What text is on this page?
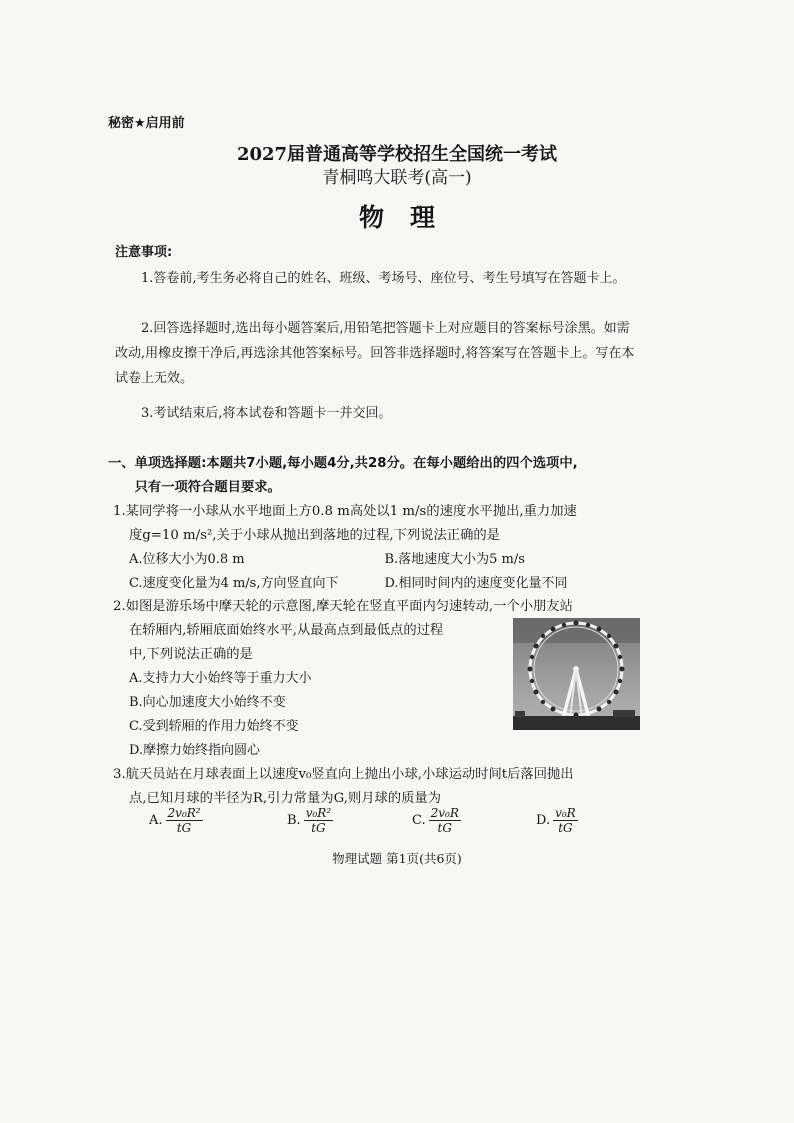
秘密★启用前
2027届普通高等学校招生全国统一考试
青桐鸣大联考(高一)
物理
注意事项:
1.答卷前,考生务必将自己的姓名、班级、考场号、座位号、考生号填写在答题卡上。
2.回答选择题时,选出每小题答案后,用铅笔把答题卡上对应题目的答案标号涂黑。如需改动,用橡皮擦干净后,再选涂其他答案标号。回答非选择题时,将答案写在答题卡上。写在本试卷上无效。
3.考试结束后,将本试卷和答题卡一并交回。
一、单项选择题:本题共7小题,每小题4分,共28分。在每小题给出的四个选项中,
只有一项符合题目要求。
1.某同学将一小球从水平地面上方0.8 m高处以1 m/s的速度水平抛出,重力加速
度g=10 m/s²,关于小球从抛出到落地的过程,下列说法正确的是
A.位移大小为0.8 m	B.落地速度大小为5 m/s
C.速度变化量为4 m/s,方向竖直向下	D.相同时间内的速度变化量不同
2.如图是游乐场中摩天轮的示意图,摩天轮在竖直平面内匀速转动,一个小朋友站
在轿厢内,轿厢底面始终水平,从最高点到最低点的过程
中,下列说法正确的是
A.支持力大小始终等于重力大小
B.向心加速度大小始终不变
C.受到轿厢的作用力始终不变
D.摩擦力始终指向圆心
3.航天员站在月球表面上以速度v₀竖直向上抛出小球,小球运动时间t后落回抛出
点,已知月球的半径为R,引力常量为G,则月球的质量为
A. $\frac{\text{2v₀R²}}{tG}$	B. $\frac{\text{v₀R²}}{tG}$	C. $\frac{\text{2v₀R}}{tG}$	D. $\frac{\text{v₀R}}{tG}$
物理试题 第1页(共6页)
